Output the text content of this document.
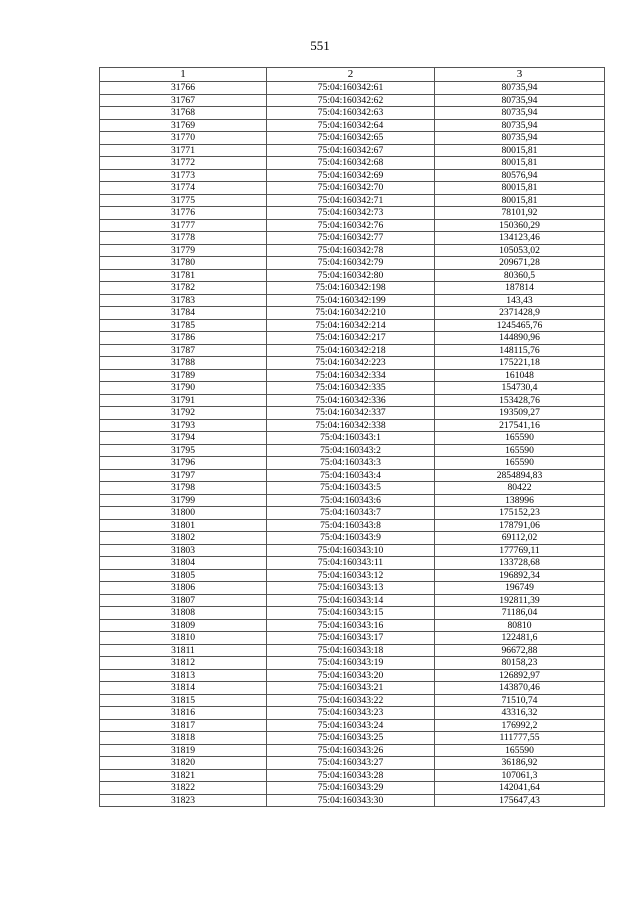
551
1	2	3
31766	75:04:160342:61	80735,94
31767	75:04:160342:62	80735,94
31768	75:04:160342:63	80735,94
31769	75:04:160342:64	80735,94
31770	75:04:160342:65	80735,94
31771	75:04:160342:67	80015,81
31772	75:04:160342:68	80015,81
31773	75:04:160342:69	80576,94
31774	75:04:160342:70	80015,81
31775	75:04:160342:71	80015,81
31776	75:04:160342:73	78101,92
31777	75:04:160342:76	150360,29
31778	75:04:160342:77	134123,46
31779	75:04:160342:78	105053,02
31780	75:04:160342:79	209671,28
31781	75:04:160342:80	80360,5
31782	75:04:160342:198	187814
31783	75:04:160342:199	143,43
31784	75:04:160342:210	2371428,9
31785	75:04:160342:214	1245465,76
31786	75:04:160342:217	144890,96
31787	75:04:160342:218	148115,76
31788	75:04:160342:223	175221,18
31789	75:04:160342:334	161048
31790	75:04:160342:335	154730,4
31791	75:04:160342:336	153428,76
31792	75:04:160342:337	193509,27
31793	75:04:160342:338	217541,16
31794	75:04:160343:1	165590
31795	75:04:160343:2	165590
31796	75:04:160343:3	165590
31797	75:04:160343:4	2854894,83
31798	75:04:160343:5	80422
31799	75:04:160343:6	138996
31800	75:04:160343:7	175152,23
31801	75:04:160343:8	178791,06
31802	75:04:160343:9	69112,02
31803	75:04:160343:10	177769,11
31804	75:04:160343:11	133728,68
31805	75:04:160343:12	196892,34
31806	75:04:160343:13	196749
31807	75:04:160343:14	192811,39
31808	75:04:160343:15	71186,04
31809	75:04:160343:16	80810
31810	75:04:160343:17	122481,6
31811	75:04:160343:18	96672,88
31812	75:04:160343:19	80158,23
31813	75:04:160343:20	126892,97
31814	75:04:160343:21	143870,46
31815	75:04:160343:22	71510,74
31816	75:04:160343:23	43316,32
31817	75:04:160343:24	176992,2
31818	75:04:160343:25	111777,55
31819	75:04:160343:26	165590
31820	75:04:160343:27	36186,92
31821	75:04:160343:28	107061,3
31822	75:04:160343:29	142041,64
31823	75:04:160343:30	175647,43
